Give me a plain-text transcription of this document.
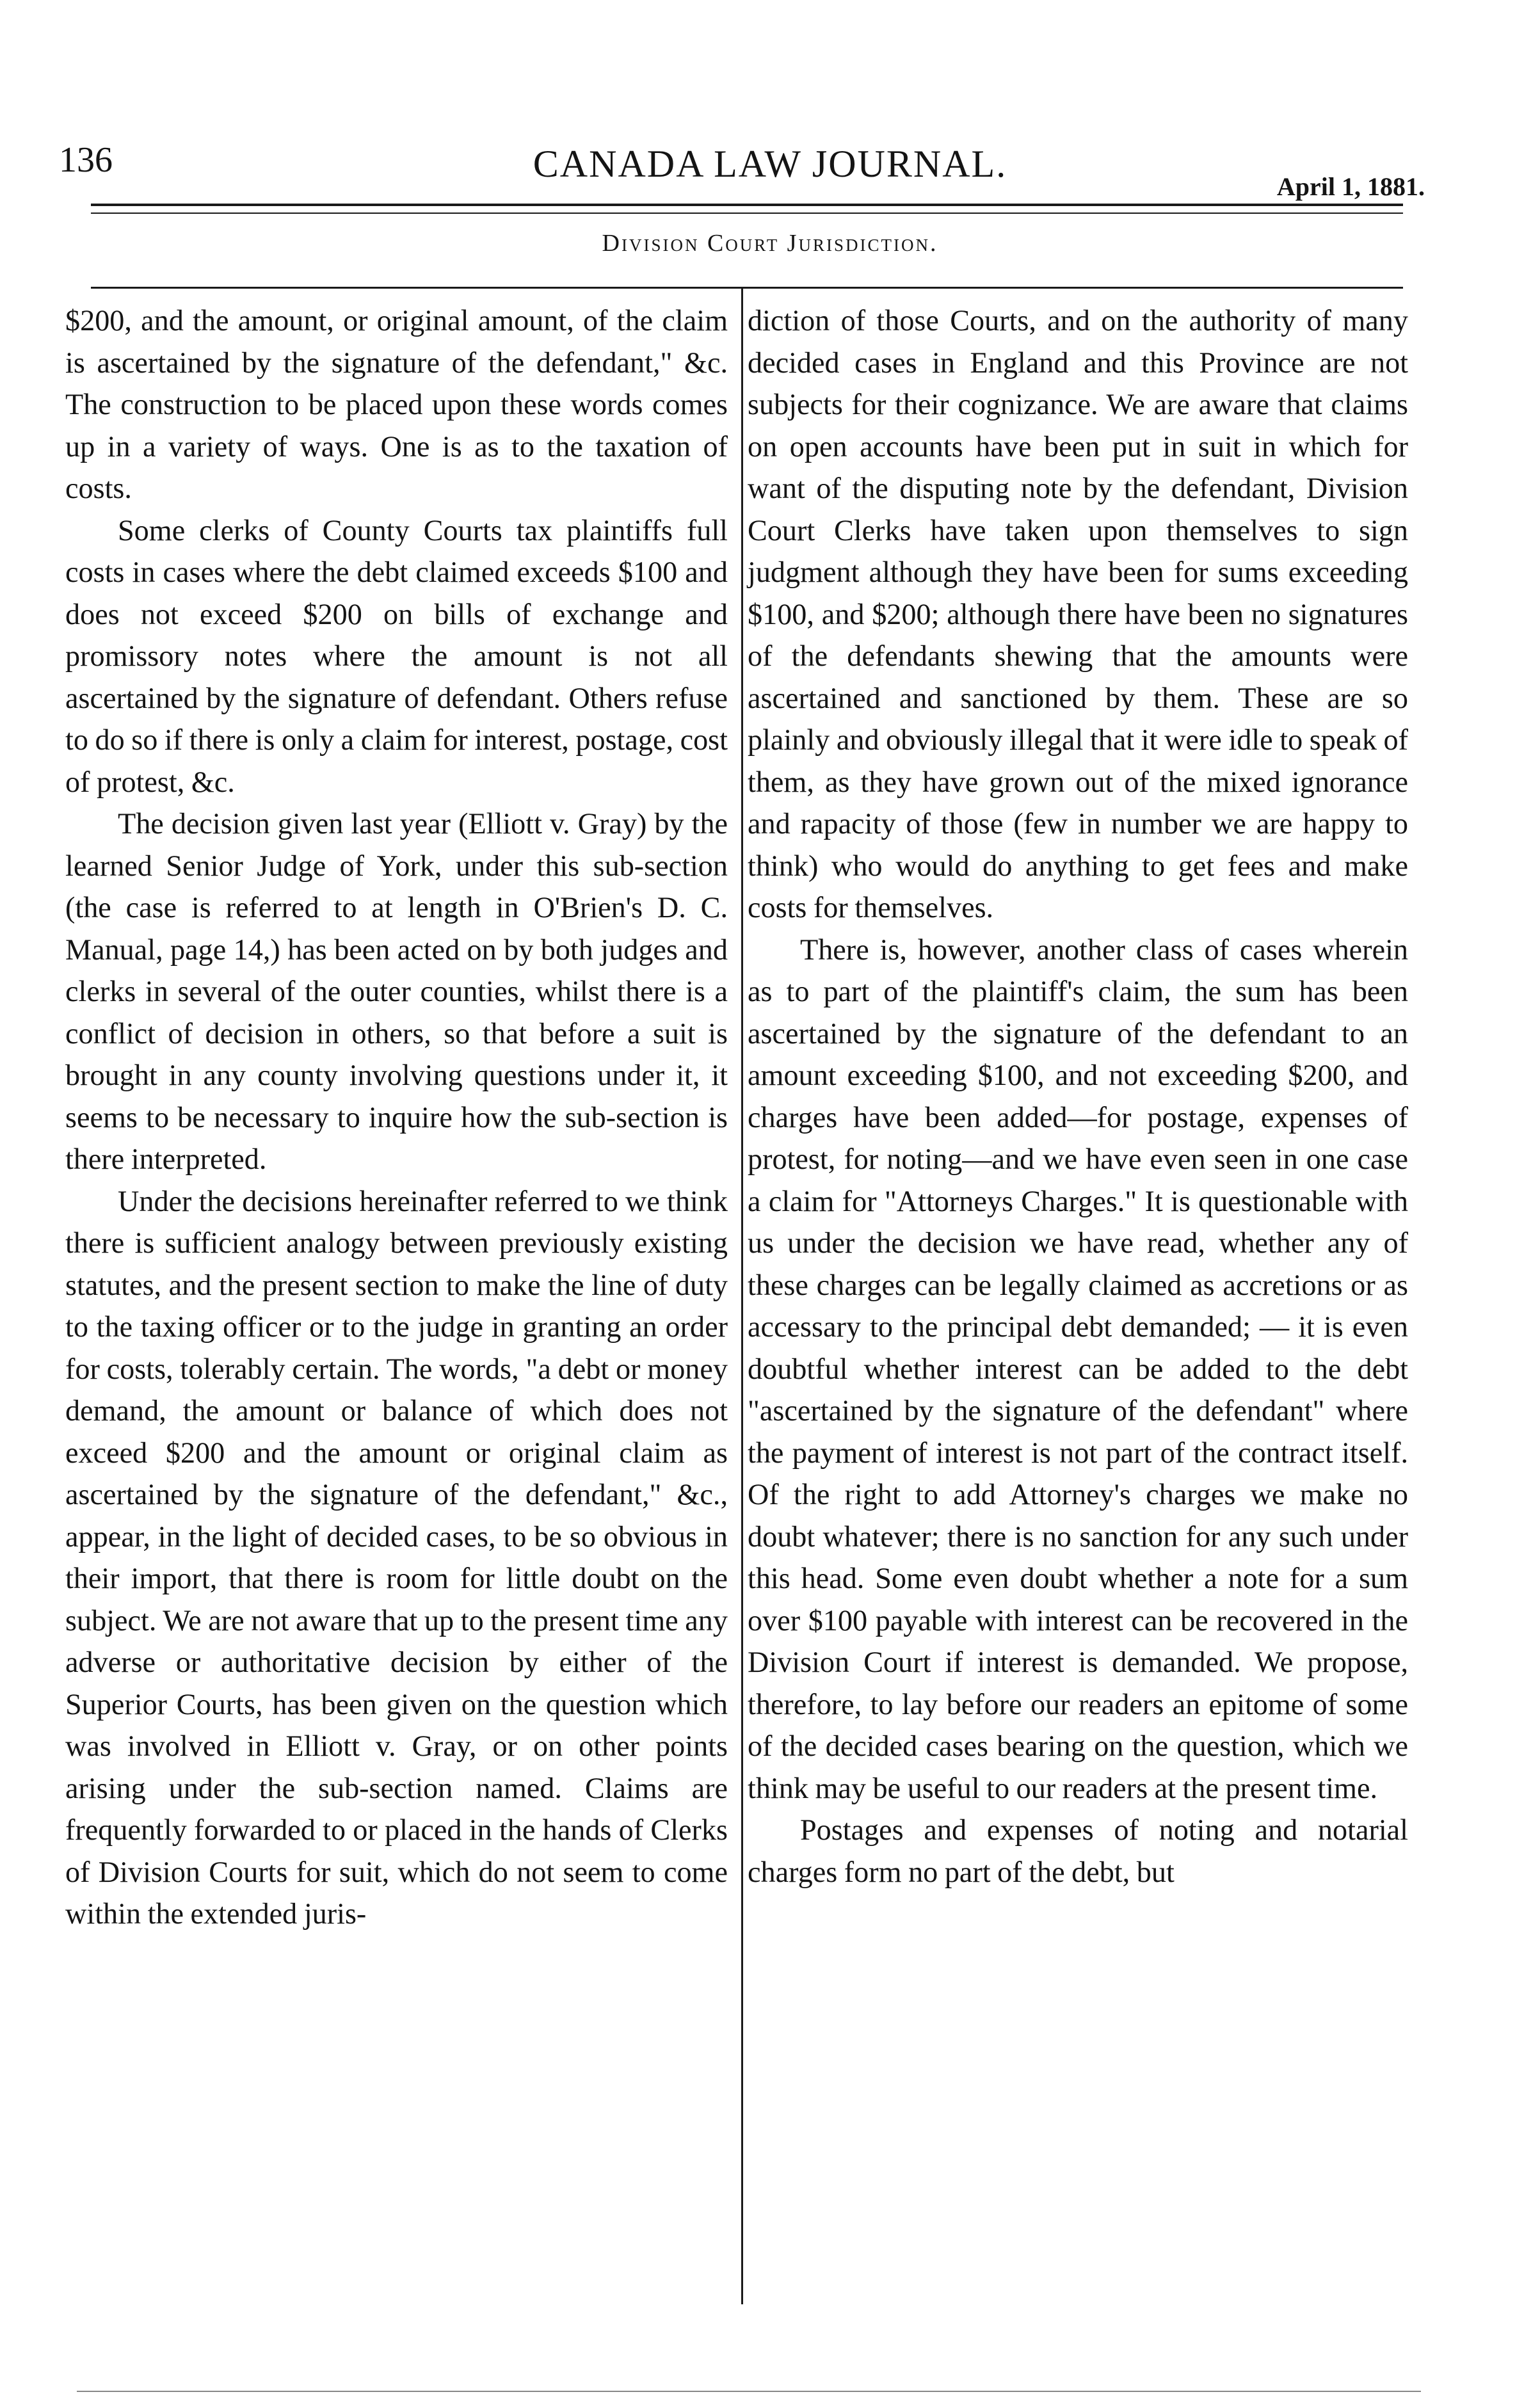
136	CANADA LAW JOURNAL.
April 1, 1881.
Division Court Jurisdiction.

$200, and the amount, or original amount, of the claim is ascertained by the signature of the defendant," &c. The construction to be placed upon these words comes up in a variety of ways. One is as to the taxation of costs.

Some clerks of County Courts tax plaintiffs full costs in cases where the debt claimed exceeds $100 and does not exceed $200 on bills of exchange and promissory notes where the amount is not all ascertained by the signature of defendant. Others refuse to do so if there is only a claim for interest, postage, cost of protest, &c.

The decision given last year (Elliott v. Gray) by the learned Senior Judge of York, under this sub-section (the case is referred to at length in O'Brien's D. C. Manual, page 14,) has been acted on by both judges and clerks in several of the outer counties, whilst there is a conflict of decision in others, so that before a suit is brought in any county involving questions under it, it seems to be necessary to inquire how the sub-section is there interpreted.

Under the decisions hereinafter referred to we think there is sufficient analogy between previously existing statutes, and the present section to make the line of duty to the taxing officer or to the judge in granting an order for costs, tolerably certain. The words, "a debt or money demand, the amount or balance of which does not exceed $200 and the amount or original claim as ascertained by the signature of the defendant," &c., appear, in the light of decided cases, to be so obvious in their import, that there is room for little doubt on the subject. We are not aware that up to the present time any adverse or authoritative decision by either of the Superior Courts, has been given on the question which was involved in Elliott v. Gray, or on other points arising under the sub-section named. Claims are frequently forwarded to or placed in the hands of Clerks of Division Courts for suit, which do not seem to come within the extended juris-

diction of those Courts, and on the authority of many decided cases in England and this Province are not subjects for their cognizance. We are aware that claims on open accounts have been put in suit in which for want of the disputing note by the defendant, Division Court Clerks have taken upon themselves to sign judgment although they have been for sums exceeding $100, and $200; although there have been no signatures of the defendants shewing that the amounts were ascertained and sanctioned by them. These are so plainly and obviously illegal that it were idle to speak of them, as they have grown out of the mixed ignorance and rapacity of those (few in number we are happy to think) who would do anything to get fees and make costs for themselves.

There is, however, another class of cases wherein as to part of the plaintiff's claim, the sum has been ascertained by the signature of the defendant to an amount exceeding $100, and not exceeding $200, and charges have been added—for postage, expenses of protest, for noting—and we have even seen in one case a claim for "Attorneys Charges." It is questionable with us under the decision we have read, whether any of these charges can be legally claimed as accretions or as accessary to the principal debt demanded; — it is even doubtful whether interest can be added to the debt "ascertained by the signature of the defendant" where the payment of interest is not part of the contract itself. Of the right to add Attorney's charges we make no doubt whatever; there is no sanction for any such under this head. Some even doubt whether a note for a sum over $100 payable with interest can be recovered in the Division Court if interest is demanded. We propose, therefore, to lay before our readers an epitome of some of the decided cases bearing on the question, which we think may be useful to our readers at the present time.

Postages and expenses of noting and notarial charges form no part of the debt, but
